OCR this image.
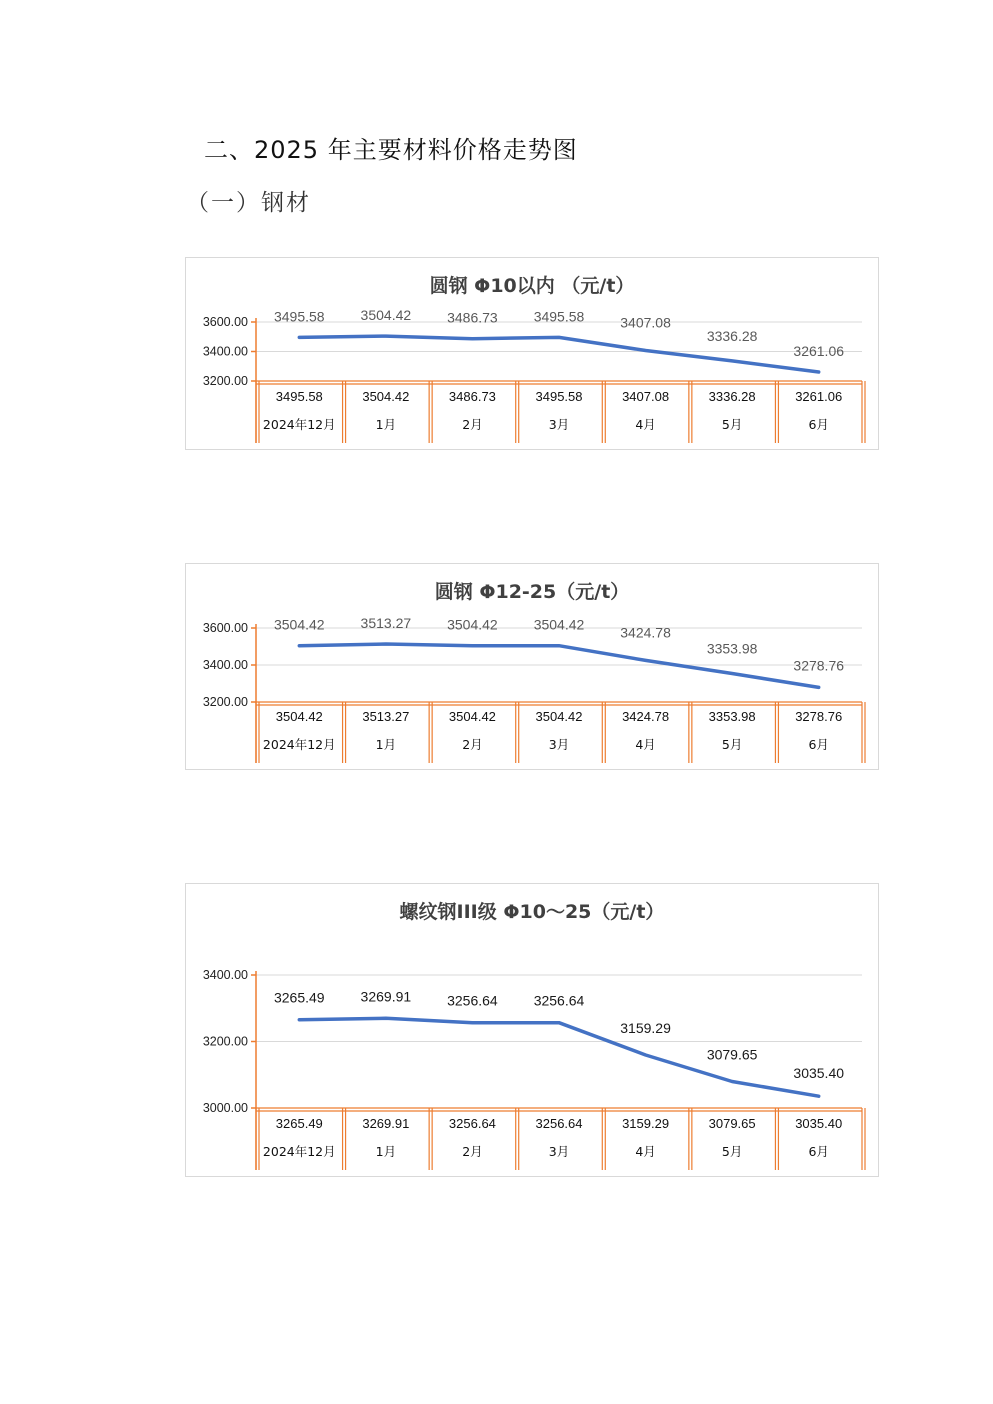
二、2025 年主要材料价格走势图
（一）钢材
圆钢 Φ10以内 （元/t）
3600.00
3400.00
3200.00
3495.58	3504.42	3486.73	3495.58	3407.08	3336.28	3261.06
2024年12月	1月	2月	3月	4月	5月	6月
3495.58	3504.42	3486.73	3495.58	3407.08
3336.28
3261.06
圆钢 Φ12-25（元/t）
3600.00
3400.00
3200.00
3504.42	3513.27	3504.42	3504.42	3424.78	3353.98	3278.76
2024年12月	1月	2月	3月	4月	5月	6月
3504.42	3513.27	3504.42	3504.42	3424.78
3353.98
3278.76
螺纹钢III级 Φ10～25（元/t）
3400.00
3200.00
3000.00
3265.49	3269.91	3256.64	3256.64	3159.29	3079.65	3035.40
2024年12月	1月	2月	3月	4月	5月	6月
3265.49	3269.91	3256.64	3256.64
3159.29
3079.65
3035.40
